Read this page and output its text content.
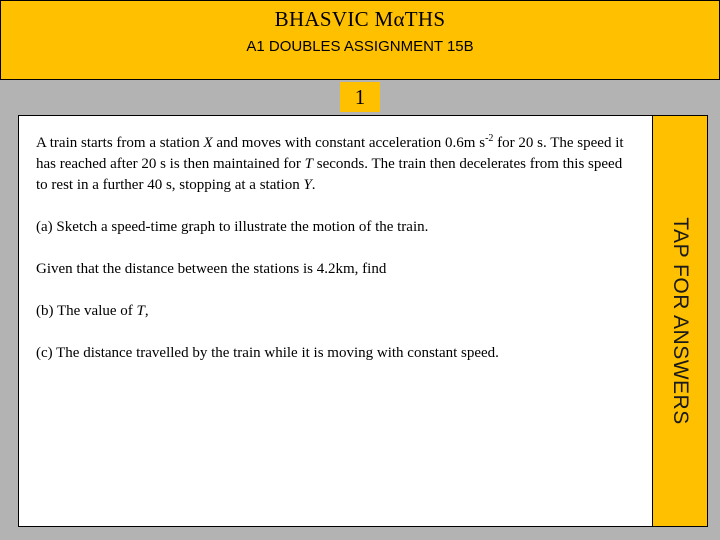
BHASVIC MαTHS
A1 DOUBLES ASSIGNMENT 15B
1

A train starts from a station X and moves with constant acceleration 0.6m $s^{-2}$ for 20 s. The speed it has reached after 20 s is then maintained for T seconds. The train then decelerates from this speed to rest in a further 40 s, stopping at a station Y.

(a) Sketch a speed-time graph to illustrate the motion of the train.

Given that the distance between the stations is 4.2km, find

(b) The value of T,

(c) The distance travelled by the train while it is moving with constant speed.	TAP FOR ANSWERS
